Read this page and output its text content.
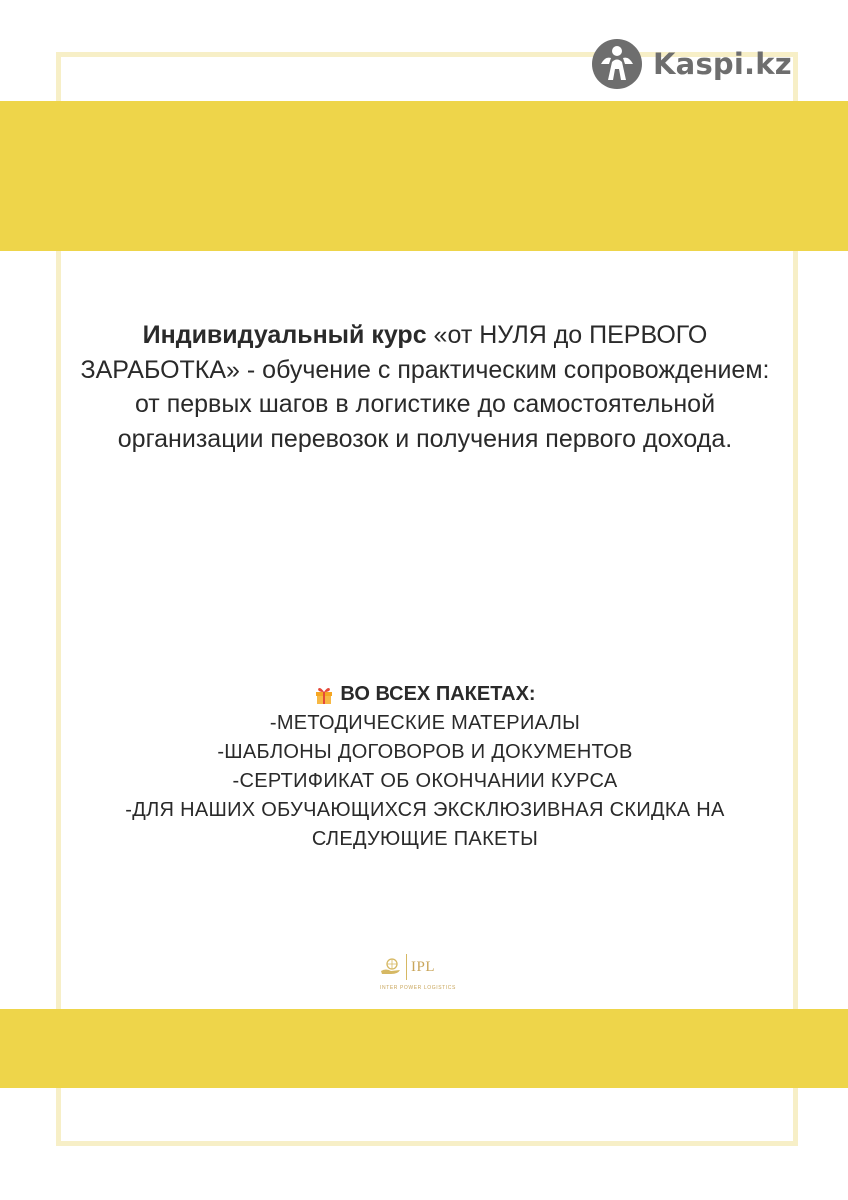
Kaspi.kz
Индивидуальный курс «от НУЛЯ до ПЕРВОГО ЗАРАБОТКА» - обучение с практическим сопровождением: от первых шагов в логистике до самостоятельной организации перевозок и получения первого дохода.
ВО ВСЕХ ПАКЕТАХ:
-МЕТОДИЧЕСКИЕ МАТЕРИАЛЫ
-ШАБЛОНЫ ДОГОВОРОВ И ДОКУМЕНТОВ
-СЕРТИФИКАТ ОБ ОКОНЧАНИИ КУРСА
-ДЛЯ НАШИХ ОБУЧАЮЩИХСЯ ЭКСКЛЮЗИВНАЯ СКИДКА НА СЛЕДУЮЩИЕ ПАКЕТЫ
IPL
INTER POWER LOGISTICS
